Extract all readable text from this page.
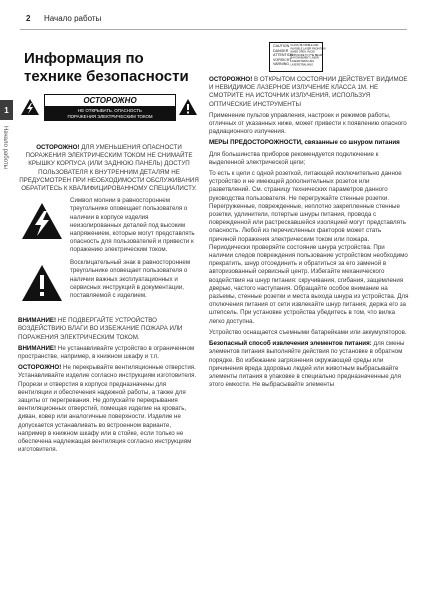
2 Начало работы
1
Начало работы
Информация по
технике безопасности
ОСТОРОЖНО
НЕ ОТКРЫВАТЬ. ОПАСНОСТЬ
ПОРАЖЕНИЯ ЭЛЕКТРИЧЕСКИМ ТОКОМ

ОСТОРОЖНО! ДЛЯ УМЕНЬШЕНИЯ ОПАСНОСТИ ПОРАЖЕНИЯ ЭЛЕКТРИЧЕСКИМ ТОКОМ НЕ СНИМАЙТЕ КРЫШКУ КОРПУСА (ИЛИ ЗАДНЮЮ ПАНЕЛЬ) ДОСТУП ПОЛЬЗОВАТЕЛЯ К ВНУТРЕННИМ ДЕТАЛЯМ НЕ ПРЕДУСМОТРЕН ПРИ НЕОБХОДИМОСТИ ОБСЛУЖИВАНИЯ ОБРАТИТЕСЬ К КВАЛИФИЦИРОВАННОМУ СПЕЦИАЛИСТУ.

Символ молнии в равностороннем треугольнике оповещает пользователя о наличии в корпусе изделия неизолированных деталей под высоким напряжением, которые могут представлять опасность для пользователей и привести к поражению электрическим током.
Восклицательный знак в равностороннем треугольнике оповещает пользователя о наличии важных эксплуатационных и сервисных инструкций в документации, поставляемой с изделием.

ВНИМАНИЕ! НЕ ПОДВЕРГАЙТЕ УСТРОЙСТВО ВОЗДЕЙСТВИЮ ВЛАГИ ВО ИЗБЕЖАНИЕ ПОЖАРА ИЛИ ПОРАЖЕНИЯ ЭЛЕКТРИЧЕСКИМ ТОКОМ.

ВНИМАНИЕ! Не устанавливайте устройство в ограниченном пространстве, например, в книжном шкафу и т.п.

ОСТОРОЖНО! Не перекрывайте вентиляционные отверстия. Устанавливайте изделие согласно инструкциям изготовителя. Прорези и отверстия в корпусе предназначены для вентиляции и обеспечения надежной работы, а также для защиты от перегревания. Не допускайте перекрывания вентиляционных отверстий, помещая изделие на кровать, диван, ковер или аналогичные поверхности. Изделие не допускается устанавливать во встроенном варианте, например в книжном шкафу или в стойке, если только не обеспечена надлежащая вентиляция согласно инструкциям изготовителя.

CAUTION
DANGER
ATTENTION
VORSICHT
VARNING
CLASS 3B VISIBLE AND
INVISIBLE LASER RADIATION
WHEN OPEN. AVOID
EXPOSURE TO THE BEAM.
RAYONNEMENT LASER
LASERSTRAHLUNG
LASERSTRALNING

ОСТОРОЖНО! В ОТКРЫТОМ СОСТОЯНИИ ДЕЙСТВУЕТ ВИДИМОЕ И НЕВИДИМОЕ ЛАЗЕРНОЕ ИЗЛУЧЕНИЕ КЛАССА 1M. НЕ СМОТРИТЕ НА ИСТОЧНИК ИЗЛУЧЕНИЯ, ИСПОЛЬЗУЯ ОПТИЧЕСКИЕ ИНСТРУМЕНТЫ

Применение пультов управления, настроек и режимов работы, отличных от указанных ниже, может привести к появлению опасного радиационного излучения.

МЕРЫ ПРЕДОСТОРОЖНОСТИ, связанные со шнуром питания

Для большинства приборов рекомендуется подключение к выделенной электрической цепи;

То есть к цепи с одной розеткой, питающей исключительно данное устройство и не имеющей дополнительных розеток или разветвлений. См. страницу технических параметров данного руководства пользователя. Не перегружайте стенные розетки. Перегруженные, поврежденные, неплотно закрепленные стенные розетки, удлинители, потертые шнуры питания, провода с поврежденной или растрескавшейся изоляцией могут представлять опасность. Любой из перечисленных факторов может стать причиной поражения электрическим током или пожара. Периодически проверяйте состояние шнура устройства. При наличии следов повреждения пользование устройством необходимо прекратить, шнур отсоединить и обратиться за его заменой в авторизованный сервисный центр. Избегайте механического воздействия на шнур питания: скручивания, сгибания, защемления дверью, частого наступания. Обращайте особое внимание на разъемы, стенные розетки и места выхода шнура из устройства. Для отключения питания от сети извлекайте шнур питания, держа его за штепсель. При установке устройства убедитесь в том, что вилка легко доступна.

Устройство оснащается съемными батарейками или аккумуляторов.

Безопасный способ извлечения элементов питания: для смены элементов питания выполняйте действия по установке в обратном порядке. Во избежание загрязнения окружающей среды или причинения вреда здоровью людей или животным выбрасывайте элементы питания в упаковке в специально предназначенные для этого емкости. Не выбрасывайте элементы
